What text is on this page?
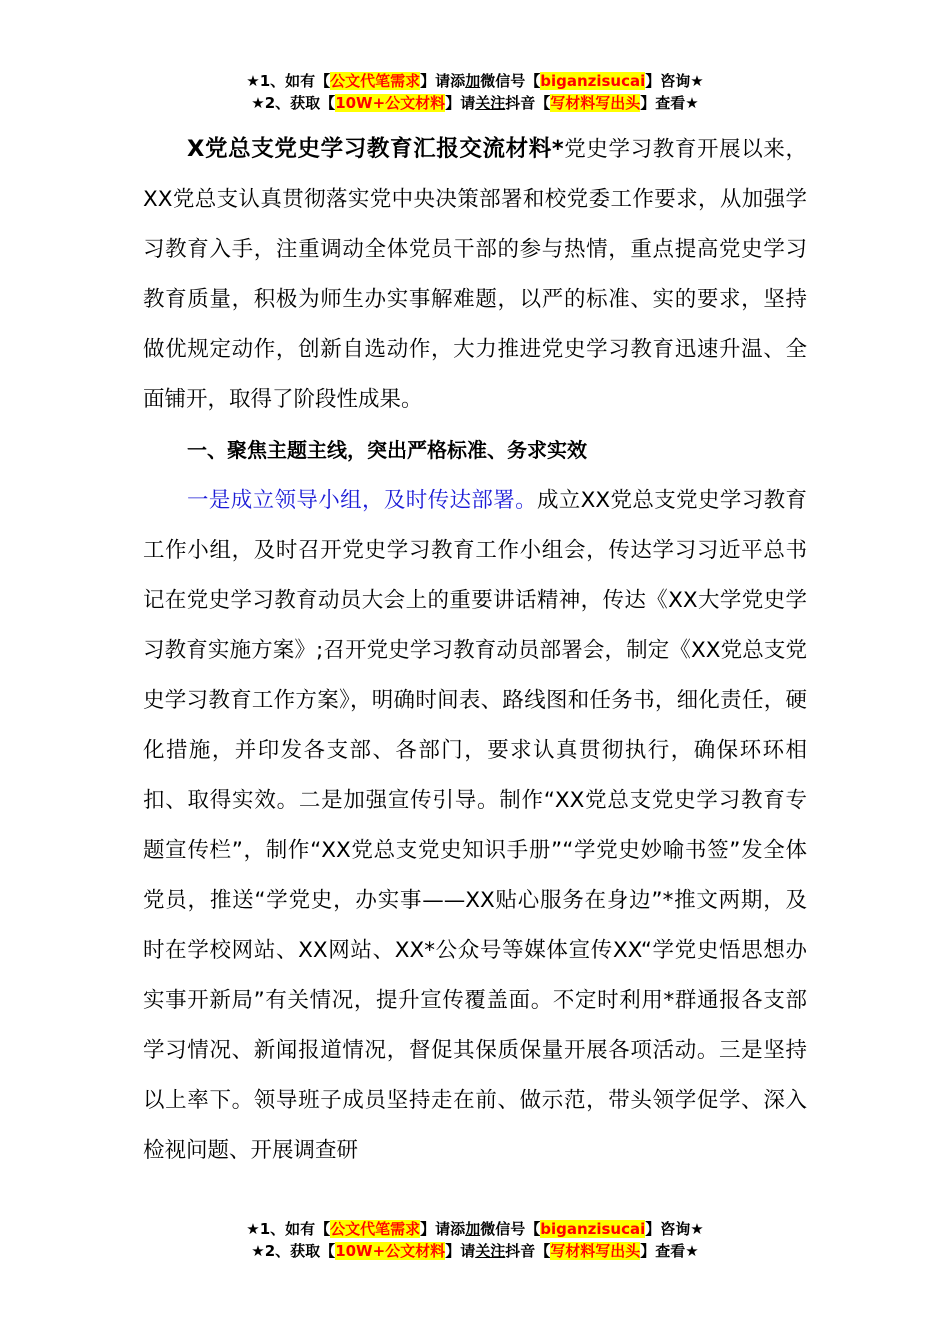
★1、如有【公文代笔需求】请添加微信号【biganzisucai】咨询★
★2、获取【10W+公文材料】请关注抖音【写材料写出头】查看★

X党总支党史学习教育汇报交流材料*党史学习教育开展以来，XX党总支认真贯彻落实党中央决策部署和校党委工作要求，从加强学习教育入手，注重调动全体党员干部的参与热情，重点提高党史学习教育质量，积极为师生办实事解难题，以严的标准、实的要求，坚持做优规定动作，创新自选动作，大力推进党史学习教育迅速升温、全面铺开，取得了阶段性成果。

一、聚焦主题主线，突出严格标准、务求实效

一是成立领导小组，及时传达部署。成立XX党总支党史学习教育工作小组，及时召开党史学习教育工作小组会，传达学习习近平总书记在党史学习教育动员大会上的重要讲话精神，传达《XX大学党史学习教育实施方案》;召开党史学习教育动员部署会，制定《XX党总支党史学习教育工作方案》，明确时间表、路线图和任务书，细化责任，硬化措施，并印发各支部、各部门，要求认真贯彻执行，确保环环相扣、取得实效。二是加强宣传引导。制作“XX党总支党史学习教育专题宣传栏”，制作“XX党总支党史知识手册”“学党史妙喻书签”发全体党员，推送“学党史，办实事——XX贴心服务在身边”*推文两期，及时在学校网站、XX网站、XX*公众号等媒体宣传XX“学党史悟思想办实事开新局”有关情况，提升宣传覆盖面。不定时利用*群通报各支部学习情况、新闻报道情况，督促其保质保量开展各项活动。三是坚持以上率下。领导班子成员坚持走在前、做示范，带头领学促学、深入检视问题、开展调查研

★1、如有【公文代笔需求】请添加微信号【biganzisucai】咨询★
★2、获取【10W+公文材料】请关注抖音【写材料写出头】查看★
